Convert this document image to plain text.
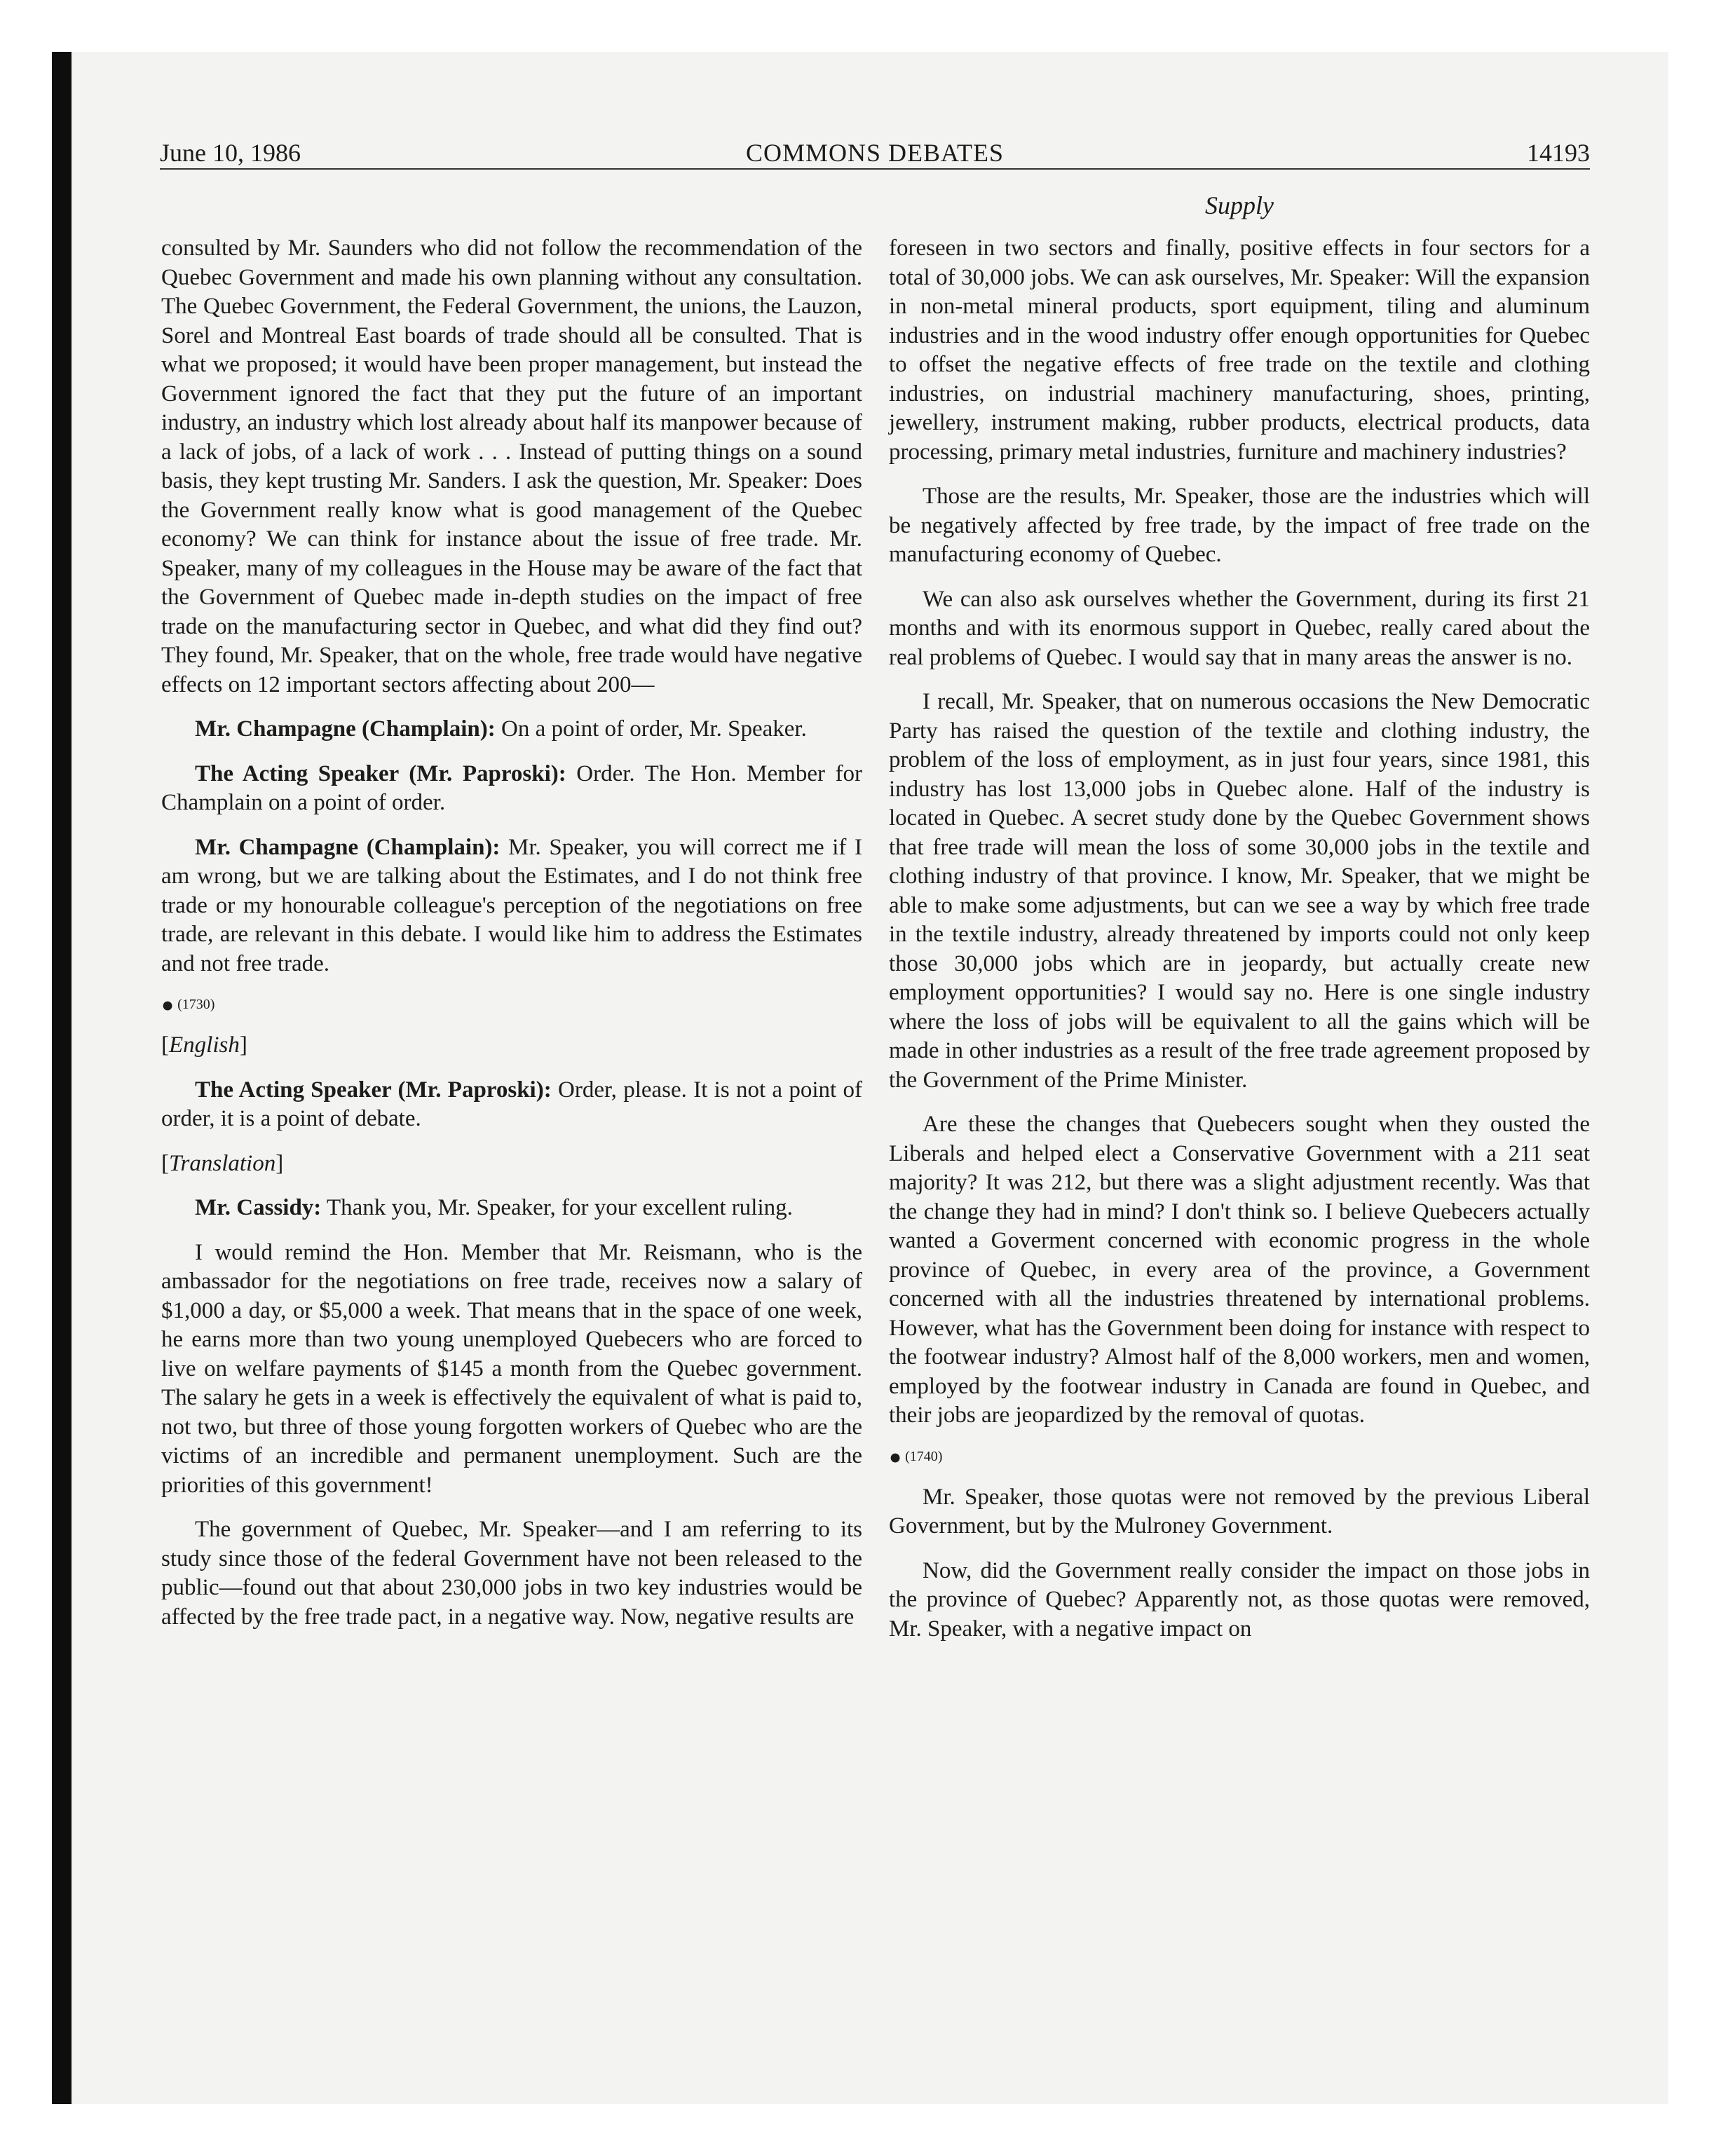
June 10, 1986	COMMONS DEBATES	14193
Supply

consulted by Mr. Saunders who did not follow the recommendation of the Quebec Government and made his own planning without any consultation. The Quebec Government, the Federal Government, the unions, the Lauzon, Sorel and Montreal East boards of trade should all be consulted. That is what we proposed; it would have been proper management, but instead the Government ignored the fact that they put the future of an important industry, an industry which lost already about half its manpower because of a lack of jobs, of a lack of work . . . Instead of putting things on a sound basis, they kept trusting Mr. Sanders. I ask the question, Mr. Speaker: Does the Government really know what is good management of the Quebec economy? We can think for instance about the issue of free trade. Mr. Speaker, many of my colleagues in the House may be aware of the fact that the Government of Quebec made in-depth studies on the impact of free trade on the manufacturing sector in Quebec, and what did they find out? They found, Mr. Speaker, that on the whole, free trade would have negative effects on 12 important sectors affecting about 200—

Mr. Champagne (Champlain): On a point of order, Mr. Speaker.

The Acting Speaker (Mr. Paproski): Order. The Hon. Member for Champlain on a point of order.

Mr. Champagne (Champlain): Mr. Speaker, you will correct me if I am wrong, but we are talking about the Estimates, and I do not think free trade or my honourable colleague's perception of the negotiations on free trade, are relevant in this debate. I would like him to address the Estimates and not free trade.

● (1730)

[English]

The Acting Speaker (Mr. Paproski): Order, please. It is not a point of order, it is a point of debate.

[Translation]

Mr. Cassidy: Thank you, Mr. Speaker, for your excellent ruling.

I would remind the Hon. Member that Mr. Reismann, who is the ambassador for the negotiations on free trade, receives now a salary of $1,000 a day, or $5,000 a week. That means that in the space of one week, he earns more than two young unemployed Quebecers who are forced to live on welfare payments of $145 a month from the Quebec government. The salary he gets in a week is effectively the equivalent of what is paid to, not two, but three of those young forgotten workers of Quebec who are the victims of an incredible and permanent unemployment. Such are the priorities of this government!

The government of Quebec, Mr. Speaker—and I am referring to its study since those of the federal Government have not been released to the public—found out that about 230,000 jobs in two key industries would be affected by the free trade pact, in a negative way. Now, negative results are

foreseen in two sectors and finally, positive effects in four sectors for a total of 30,000 jobs. We can ask ourselves, Mr. Speaker: Will the expansion in non-metal mineral products, sport equipment, tiling and aluminum industries and in the wood industry offer enough opportunities for Quebec to offset the negative effects of free trade on the textile and clothing industries, on industrial machinery manufacturing, shoes, printing, jewellery, instrument making, rubber products, electrical products, data processing, primary metal industries, furniture and machinery industries?

Those are the results, Mr. Speaker, those are the industries which will be negatively affected by free trade, by the impact of free trade on the manufacturing economy of Quebec.

We can also ask ourselves whether the Government, during its first 21 months and with its enormous support in Quebec, really cared about the real problems of Quebec. I would say that in many areas the answer is no.

I recall, Mr. Speaker, that on numerous occasions the New Democratic Party has raised the question of the textile and clothing industry, the problem of the loss of employment, as in just four years, since 1981, this industry has lost 13,000 jobs in Quebec alone. Half of the industry is located in Quebec. A secret study done by the Quebec Government shows that free trade will mean the loss of some 30,000 jobs in the textile and clothing industry of that province. I know, Mr. Speaker, that we might be able to make some adjustments, but can we see a way by which free trade in the textile industry, already threatened by imports could not only keep those 30,000 jobs which are in jeopardy, but actually create new employment opportunities? I would say no. Here is one single industry where the loss of jobs will be equivalent to all the gains which will be made in other industries as a result of the free trade agreement proposed by the Government of the Prime Minister.

Are these the changes that Quebecers sought when they ousted the Liberals and helped elect a Conservative Government with a 211 seat majority? It was 212, but there was a slight adjustment recently. Was that the change they had in mind? I don't think so. I believe Quebecers actually wanted a Goverment concerned with economic progress in the whole province of Quebec, in every area of the province, a Government concerned with all the industries threatened by international problems. However, what has the Government been doing for instance with respect to the footwear industry? Almost half of the 8,000 workers, men and women, employed by the footwear industry in Canada are found in Quebec, and their jobs are jeopardized by the removal of quotas.

● (1740)

Mr. Speaker, those quotas were not removed by the previous Liberal Government, but by the Mulroney Government.

Now, did the Government really consider the impact on those jobs in the province of Quebec? Apparently not, as those quotas were removed, Mr. Speaker, with a negative impact on
